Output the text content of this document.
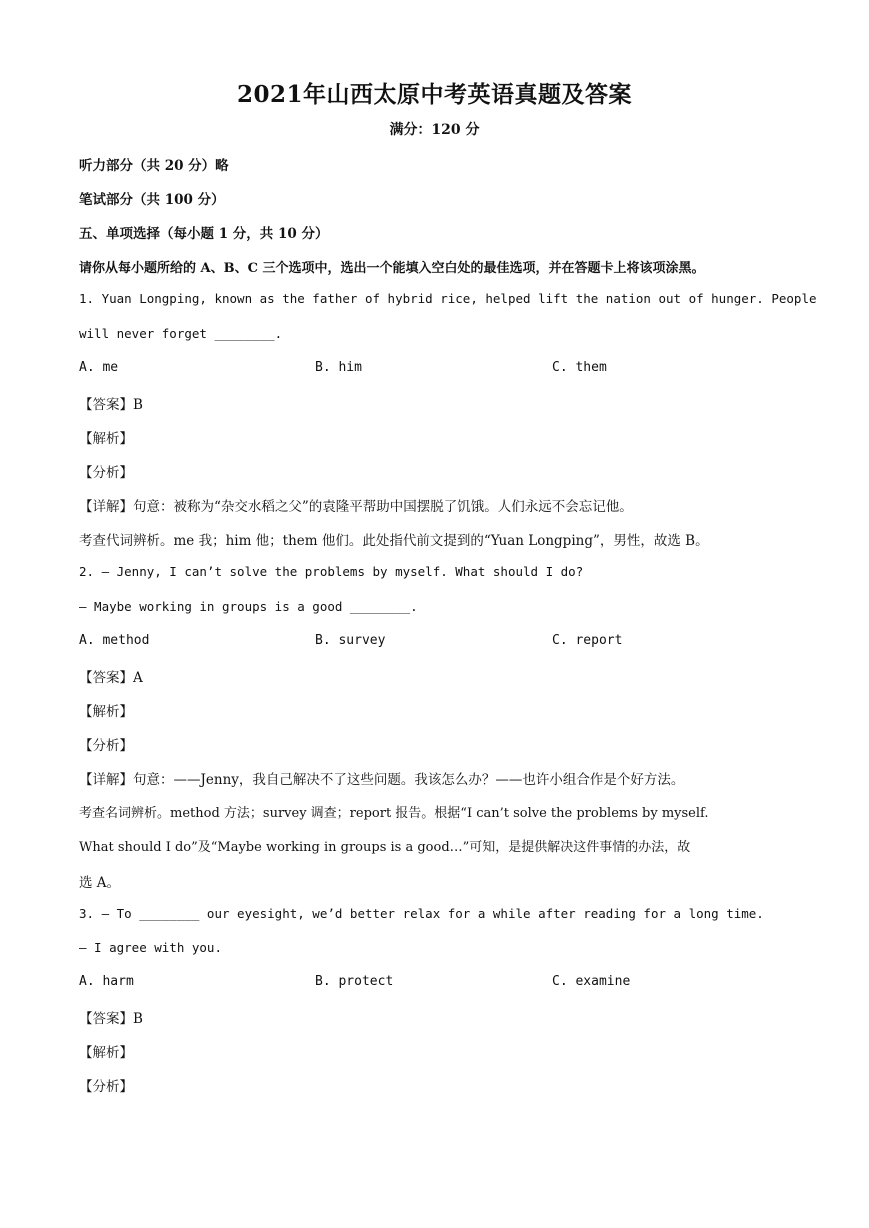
2021年山西太原中考英语真题及答案
满分：120 分
听力部分（共 20 分）略
笔试部分（共 100 分）
五、单项选择（每小题 1 分，共 10 分）
请你从每小题所给的 A、B、C 三个选项中，选出一个能填入空白处的最佳选项，并在答题卡上将该项涂黑。
1. Yuan Longping, known as the father of hybrid rice, helped lift the nation out of hunger. People
will never forget ________.
A. me	B. him	C. them
【答案】B
【解析】
【分析】
【详解】句意：被称为“杂交水稻之父”的袁隆平帮助中国摆脱了饥饿。人们永远不会忘记他。
考查代词辨析。me 我；him 他；them 他们。此处指代前文提到的“Yuan Longping”，男性，故选 B。
2. — Jenny, I can’t solve the problems by myself. What should I do?
— Maybe working in groups is a good ________.
A. method	B. survey	C. report
【答案】A
【解析】
【分析】
【详解】句意：——Jenny，我自己解决不了这些问题。我该怎么办？——也许小组合作是个好方法。
考查名词辨析。method 方法；survey 调查；report 报告。根据“I can’t solve the problems by myself.
What should I do”及“Maybe working in groups is a good…”可知，是提供解决这件事情的办法，故
选 A。
3. — To ________ our eyesight, we’d better relax for a while after reading for a long time.
— I agree with you.
A. harm	B. protect	C. examine
【答案】B
【解析】
【分析】
